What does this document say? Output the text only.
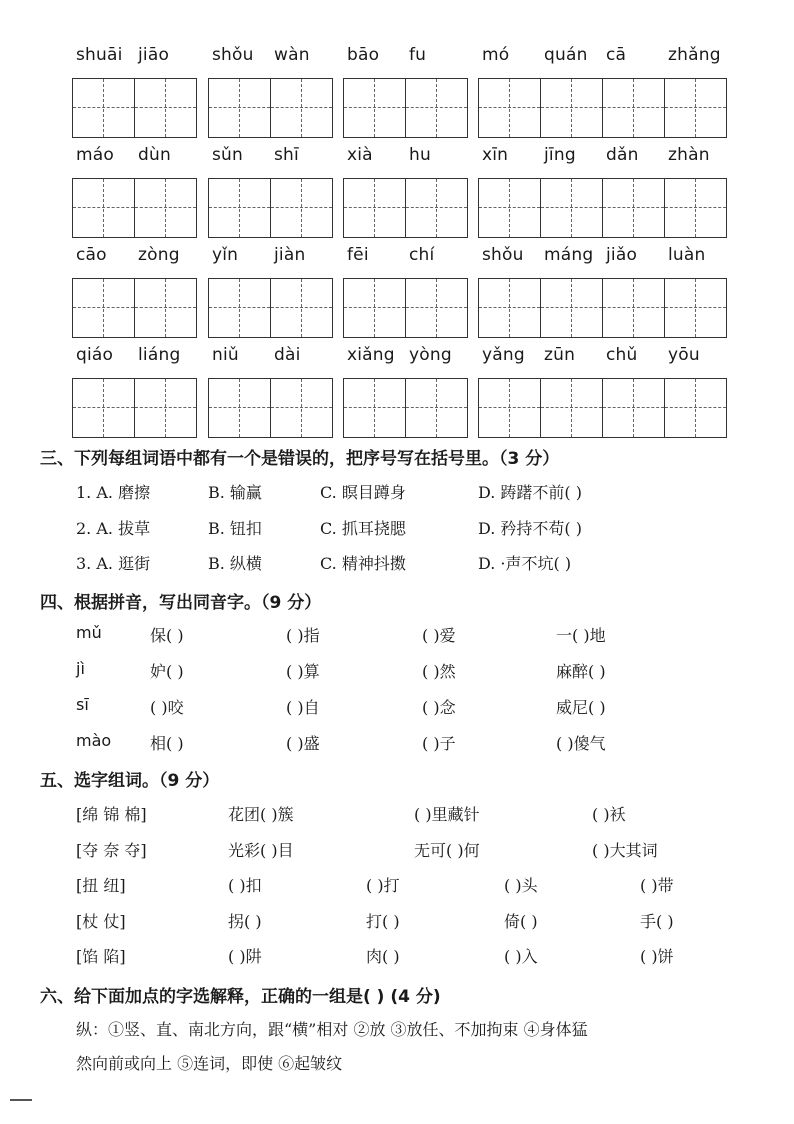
shuāi jiāo	shǒu wàn bāo fu	mó quán cā zhǎng
máo dùn sǔn shī	xià hu	xīn jīng dǎn zhàn
cāo zòng yǐn jiàn fēi chí	shǒu máng jiǎo luàn
qiáo liáng niǔ dài	xiǎng yòng yǎng zūn chǔ yōu
三、下列每组词语中都有一个是错误的，把序号写在括号里。（3 分）
1. A. 磨擦	B. 输赢	C. 瞑目蹲身	D. 踌躇不前( )
2. A. 拔草	B. 钮扣	C. 抓耳挠腮	D. 矜持不苟( )
3. A. 逛街	B. 纵横	C. 精神抖擞	D. ·声不坑( )
四、根据拼音，写出同音字。（9 分）
mǔ	保( )	( )指	( )爱	一( )地
jì	妒( )	( )算	( )然	麻醉( )
sī	( )咬	( )自	( )念	威尼( )
mào 相( )	( )盛	( )子	( )傻气
五、选字组词。（9 分）
[绵 锦 棉]	花团( )簇	( )里藏针	( )袄
[夺 奈 夺]	光彩( )目	无可( )何	( )大其词
[扭 纽]	( )扣	( )打	( )头	( )带
[杖 仗]	拐( )	打( )	倚( )	手( )
[馅 陷]	( )阱	肉( )	( )入	( )饼
六、给下面加点的字选解释，正确的一组是( ) (4 分)
纵：①竖、直、南北方向，跟“横”相对 ②放 ③放任、不加拘束 ④身体猛
然向前或向上 ⑤连词，即使 ⑥起皱纹
